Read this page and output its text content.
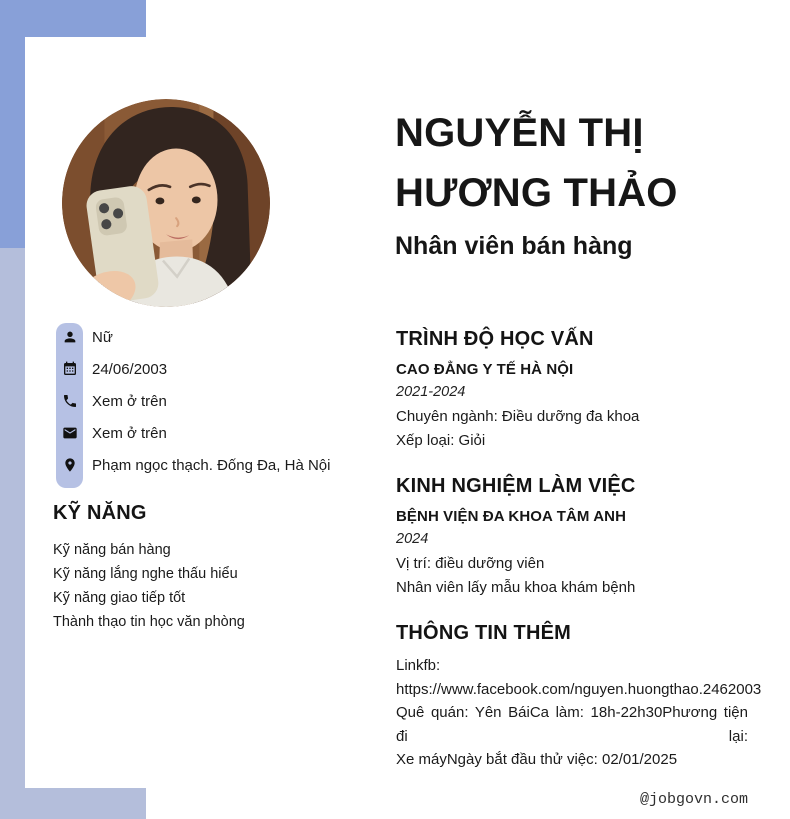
NGUYỄN THỊ
HƯƠNG THẢO
Nhân viên bán hàng
Nữ
24/06/2003
Xem ở trên
Xem ở trên
Phạm ngọc thạch. Đống Đa, Hà Nội
KỸ NĂNG
Kỹ năng bán hàng
Kỹ năng lắng nghe thấu hiểu
Kỹ năng giao tiếp tốt
Thành thạo tin học văn phòng
TRÌNH ĐỘ HỌC VẤN
CAO ĐẲNG Y TẾ HÀ NỘI
2021-2024
Chuyên ngành: Điều dưỡng đa khoa
Xếp loại: Giỏi
KINH NGHIỆM LÀM VIỆC
BỆNH VIỆN ĐA KHOA TÂM ANH
2024
Vị trí: điều dưỡng viên
Nhân viên lấy mẫu khoa khám bệnh
THÔNG TIN THÊM
Linkfb:
https://www.facebook.com/nguyen.huongthao.2462003
Quê quán: Yên BáiCa làm: 18h-22h30Phương tiện đi lại:
Xe máyNgày bắt đầu thử việc: 02/01/2025
@jobgovn.com
